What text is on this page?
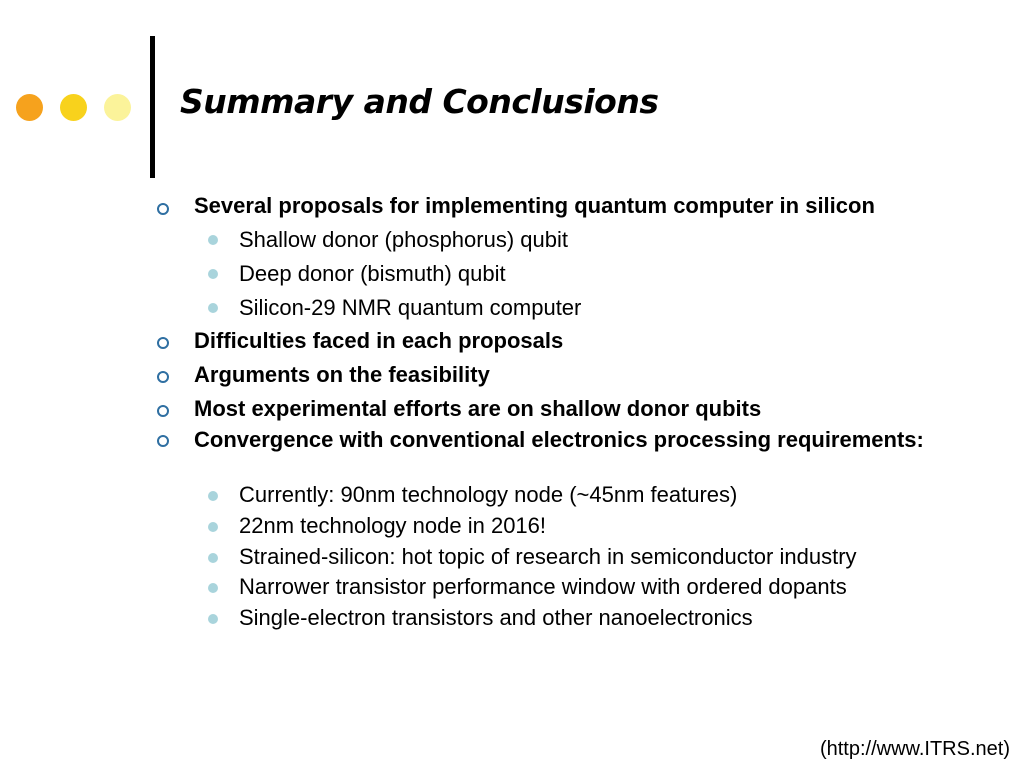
Summary and Conclusions
Several proposals for implementing quantum computer in silicon
Shallow donor (phosphorus) qubit
Deep donor (bismuth) qubit
Silicon-29 NMR quantum computer
Difficulties faced in each proposals
Arguments on the feasibility
Most experimental efforts are on shallow donor qubits
Convergence with conventional electronics processing requirements:
Currently: 90nm technology node (~45nm features)
22nm technology node in 2016!
Strained-silicon: hot topic of research in semiconductor industry
Narrower transistor performance window with ordered dopants
Single-electron transistors and other nanoelectronics
(http://www.ITRS.net)
